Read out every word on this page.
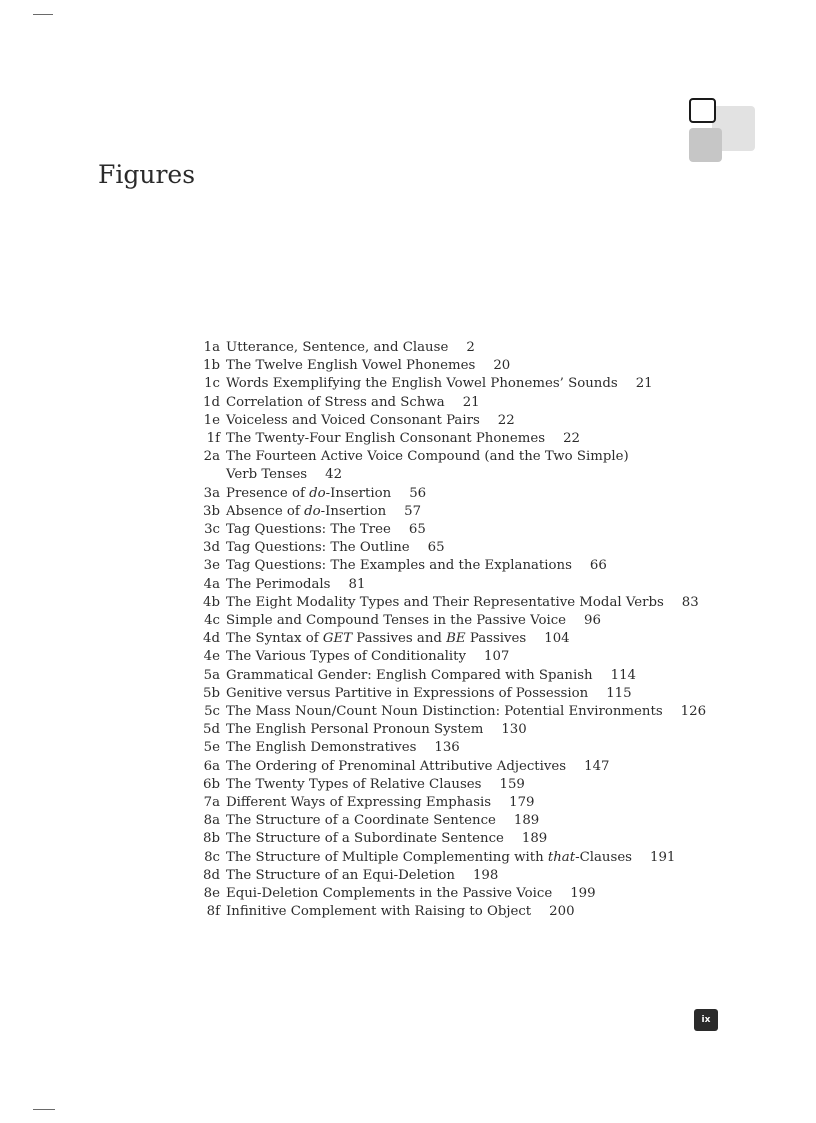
Figures
1a Utterance, Sentence, and Clause 2
1b The Twelve English Vowel Phonemes 20
1c Words Exemplifying the English Vowel Phonemes’ Sounds 21
1d Correlation of Stress and Schwa 21
1e Voiceless and Voiced Consonant Pairs 22
1f The Twenty-Four English Consonant Phonemes 22
2a The Fourteen Active Voice Compound (and the Two Simple)
Verb Tenses 42
3a Presence of do-Insertion 56
3b Absence of do-Insertion 57
3c Tag Questions: The Tree 65
3d Tag Questions: The Outline 65
3e Tag Questions: The Examples and the Explanations 66
4a The Perimodals 81
4b The Eight Modality Types and Their Representative Modal Verbs 83
4c Simple and Compound Tenses in the Passive Voice 96
4d The Syntax of GET Passives and BE Passives 104
4e The Various Types of Conditionality 107
5a Grammatical Gender: English Compared with Spanish 114
5b Genitive versus Partitive in Expressions of Possession 115
5c The Mass Noun/Count Noun Distinction: Potential Environments 126
5d The English Personal Pronoun System 130
5e The English Demonstratives 136
6a The Ordering of Prenominal Attributive Adjectives 147
6b The Twenty Types of Relative Clauses 159
7a Different Ways of Expressing Emphasis 179
8a The Structure of a Coordinate Sentence 189
8b The Structure of a Subordinate Sentence 189
8c The Structure of Multiple Complementing with that-Clauses 191
8d The Structure of an Equi-Deletion 198
8e Equi-Deletion Complements in the Passive Voice 199
8f Infinitive Complement with Raising to Object 200
ix
